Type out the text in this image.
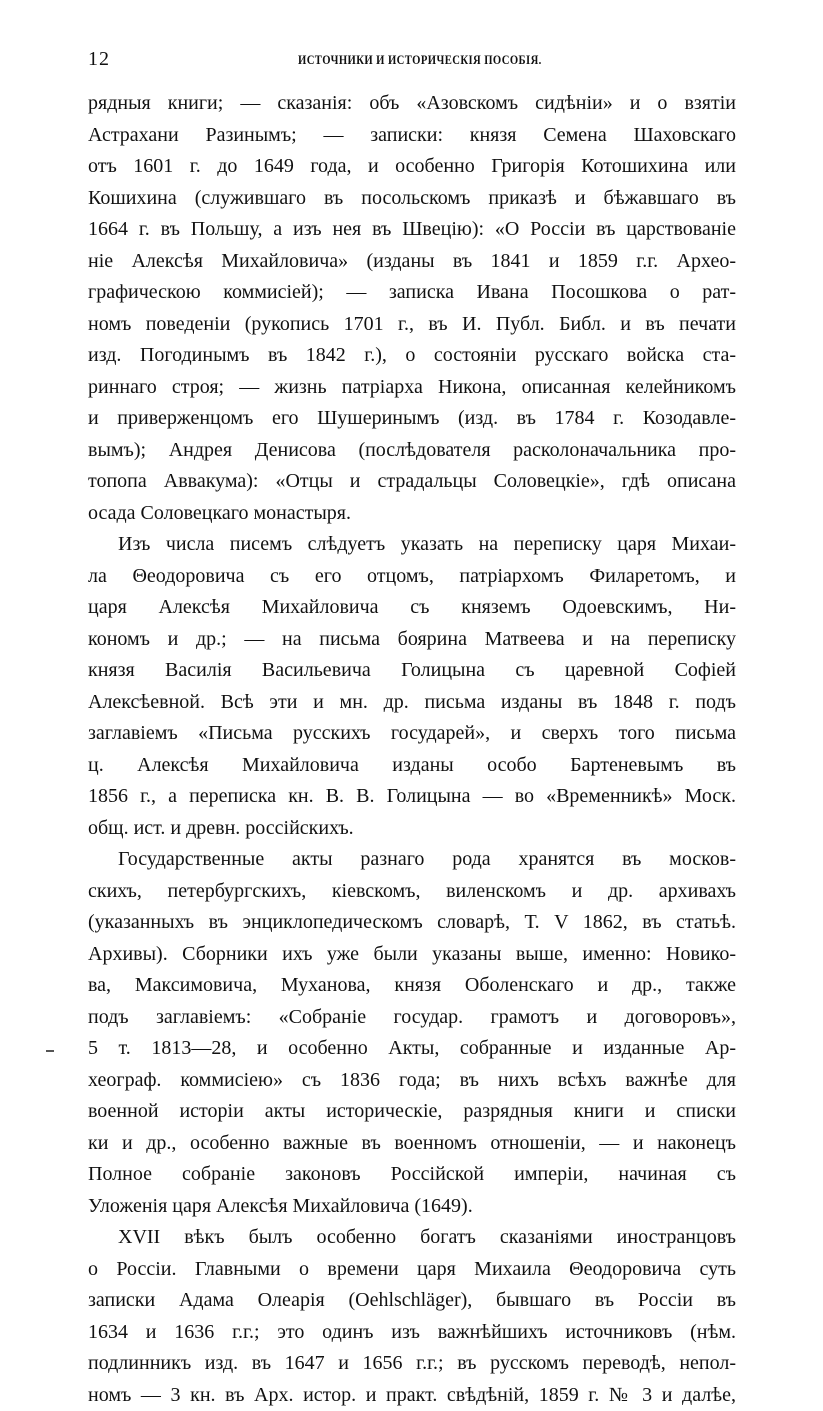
12	ИСТОЧНИКИ И ИСТОРИЧЕСКІЯ ПОСОБІЯ.
рядныя книги; — сказанія: объ «Азовскомъ сидѣніи» и о взятіи
Астрахани Разинымъ; — записки: князя Семена Шаховскаго
отъ 1601 г. до 1649 года, и особенно Григорія Котошихина или
Кошихина (служившаго въ посольскомъ приказѣ и бѣжавшаго въ
1664 г. въ Польшу, а изъ нея въ Швецію): «О Россіи въ царствованіе
ніе Алексѣя Михайловича» (изданы въ 1841 и 1859 г.г. Архео-
графическою коммисіей); — записка Ивана Посошкова о рат-
номъ поведеніи (рукопись 1701 г., въ И. Публ. Библ. и въ печати
изд. Погодинымъ въ 1842 г.), о состояніи русскаго войска ста-
риннаго строя; — жизнь патріарха Никона, описанная келейникомъ
и приверженцомъ его Шушеринымъ (изд. въ 1784 г. Козодавле-
вымъ); Андрея Денисова (послѣдователя расколоначальника про-
топопа Аввакума): «Отцы и страдальцы Соловецкіе», гдѣ описана
осада Соловецкаго монастыря.
Изъ числа писемъ слѣдуетъ указать на переписку царя Михаи-
ла Θеодоровича съ его отцомъ, патріархомъ Филаретомъ, и
царя Алексѣя Михайловича съ княземъ Одоевскимъ, Ни-
кономъ и др.; — на письма боярина Матвеева и на переписку
князя Василія Васильевича Голицына съ царевной Софіей
Алексѣевной. Всѣ эти и мн. др. письма изданы въ 1848 г. подъ
заглавіемъ «Письма русскихъ государей», и сверхъ того письма
ц. Алексѣя Михайловича изданы особо Бартеневымъ въ
1856 г., а переписка кн. В. В. Голицына — во «Временникѣ» Моск.
общ. ист. и древн. россійскихъ.
Государственные акты разнаго рода хранятся въ москов-
скихъ, петербургскихъ, кіевскомъ, виленскомъ и др. архивахъ
(указанныхъ въ энциклопедическомъ словарѣ, Т. V 1862, въ статьѣ.
Архивы). Сборники ихъ уже были указаны выше, именно: Новико-
ва, Максимовича, Муханова, князя Оболенскаго и др., также
подъ заглавіемъ: «Собраніе государ. грамотъ и договоровъ»,
5 т. 1813—28, и особенно Акты, собранные и изданные Ар-
хеограф. коммисіею» съ 1836 года; въ нихъ всѣхъ важнѣе для
военной исторіи акты историческіе, разрядныя книги и списки
ки и др., особенно важные въ военномъ отношеніи, — и наконецъ
Полное собраніе законовъ Россійской имперіи, начиная съ
Уложенія царя Алексѣя Михайловича (1649).
XVII вѣкъ былъ особенно богатъ сказаніями иностранцовъ
о Россіи. Главными о времени царя Михаила Θеодоровича суть
записки Адама Олеарія (Oehlschläger), бывшаго въ Россіи въ
1634 и 1636 г.г.; это одинъ изъ важнѣйшихъ источниковъ (нѣм.
подлинникъ изд. въ 1647 и 1656 г.г.; въ русскомъ переводѣ, непол-
номъ — 3 кн. въ Арх. истор. и практ. свѣдѣній, 1859 г. № 3 и далѣе,
